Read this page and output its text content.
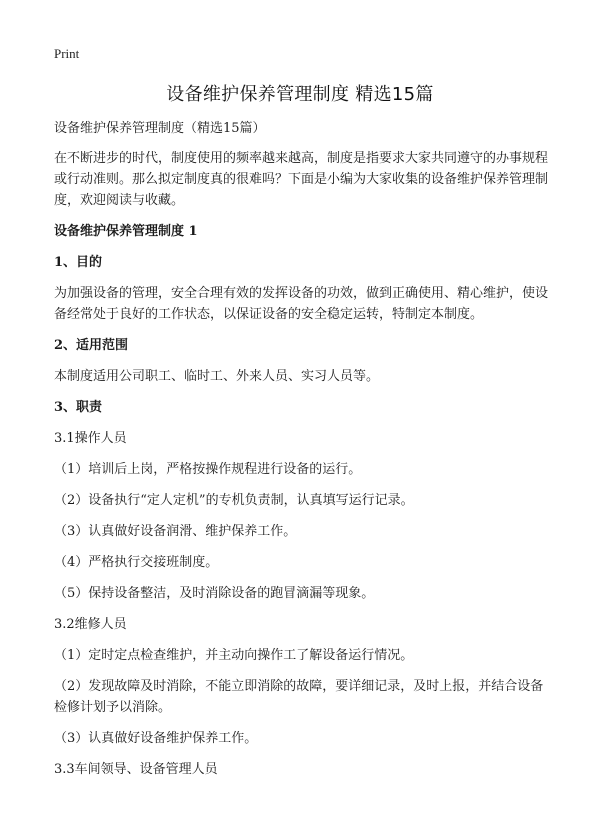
Print
设备维护保养管理制度 精选15篇

设备维护保养管理制度（精选15篇）

在不断进步的时代，制度使用的频率越来越高，制度是指要求大家共同遵守的办事规程或行动准则。那么拟定制度真的很难吗？下面是小编为大家收集的设备维护保养管理制度，欢迎阅读与收藏。

设备维护保养管理制度 1

1、目的

为加强设备的管理，安全合理有效的发挥设备的功效，做到正确使用、精心维护，使设备经常处于良好的工作状态，以保证设备的安全稳定运转，特制定本制度。

2、适用范围

本制度适用公司职工、临时工、外来人员、实习人员等。

3、职责

3.1操作人员

（1）培训后上岗，严格按操作规程进行设备的运行。

（2）设备执行“定人定机”的专机负责制，认真填写运行记录。

（3）认真做好设备润滑、维护保养工作。

（4）严格执行交接班制度。

（5）保持设备整洁，及时消除设备的跑冒滴漏等现象。

3.2维修人员

（1）定时定点检查维护，并主动向操作工了解设备运行情况。

（2）发现故障及时消除，不能立即消除的故障，要详细记录，及时上报，并结合设备检修计划予以消除。

（3）认真做好设备维护保养工作。

3.3车间领导、设备管理人员
